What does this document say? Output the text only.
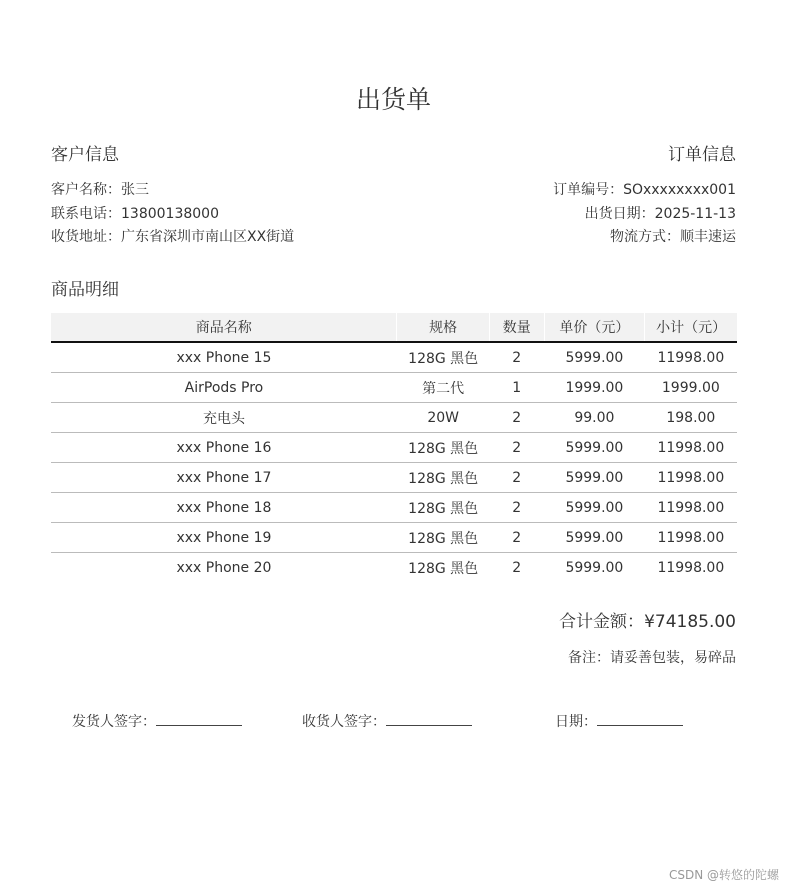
出货单
客户信息
客户名称：张三
联系电话：13800138000
收货地址：广东省深圳市南山区XX街道
订单信息
订单编号：SOxxxxxxxx001
出货日期：2025-11-13
物流方式：顺丰速运
商品明细
商品名称	规格	数量	单价（元）	小计（元）
xxx Phone 15	128G 黑色	2	5999.00	11998.00
AirPods Pro	第二代	1	1999.00	1999.00
充电头	20W	2	99.00	198.00
xxx Phone 16	128G 黑色	2	5999.00	11998.00
xxx Phone 17	128G 黑色	2	5999.00	11998.00
xxx Phone 18	128G 黑色	2	5999.00	11998.00
xxx Phone 19	128G 黑色	2	5999.00	11998.00
xxx Phone 20	128G 黑色	2	5999.00	11998.00
合计金额：¥74185.00
备注：请妥善包装，易碎品
发货人签字：	收货人签字：	日期：
CSDN @转悠的陀螺
